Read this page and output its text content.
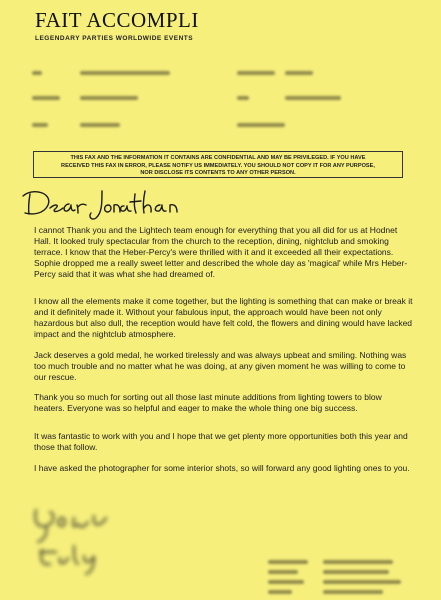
FAIT ACCOMPLI
LEGENDARY PARTIES WORLDWIDE EVENTS
THIS FAX AND THE INFORMATION IT CONTAINS ARE CONFIDENTIAL AND MAY BE PRIVILEGED. IF YOU HAVE
RECEIVED THIS FAX IN ERROR, PLEASE NOTIFY US IMMEDIATELY. YOU SHOULD NOT COPY IT FOR ANY PURPOSE,
NOR DISCLOSE ITS CONTENTS TO ANY OTHER PERSON.
I cannot Thank you and the Lightech team enough for everything that you all did for us at Hodnet Hall. It looked truly spectacular from the church to the reception, dining, nightclub and smoking terrace. I know that the Heber-Percy's were thrilled with it and it exceeded all their expectations. Sophie dropped me a really sweet letter and described the whole day as 'magical' while Mrs Heber-Percy said that it was what she had dreamed of.
I know all the elements make it come together, but the lighting is something that can make or break it and it definitely made it. Without your fabulous input, the approach would have been not only hazardous but also dull, the reception would have felt cold, the flowers and dining would have lacked impact and the nightclub atmosphere.
Jack deserves a gold medal, he worked tirelessly and was always upbeat and smiling. Nothing was too much trouble and no matter what he was doing, at any given moment he was willing to come to our rescue.
Thank you so much for sorting out all those last minute additions from lighting towers to blow heaters. Everyone was so helpful and eager to make the whole thing one big success.
It was fantastic to work with you and I hope that we get plenty more opportunities both this year and those that follow.
I have asked the photographer for some interior shots, so will forward any good lighting ones to you.
